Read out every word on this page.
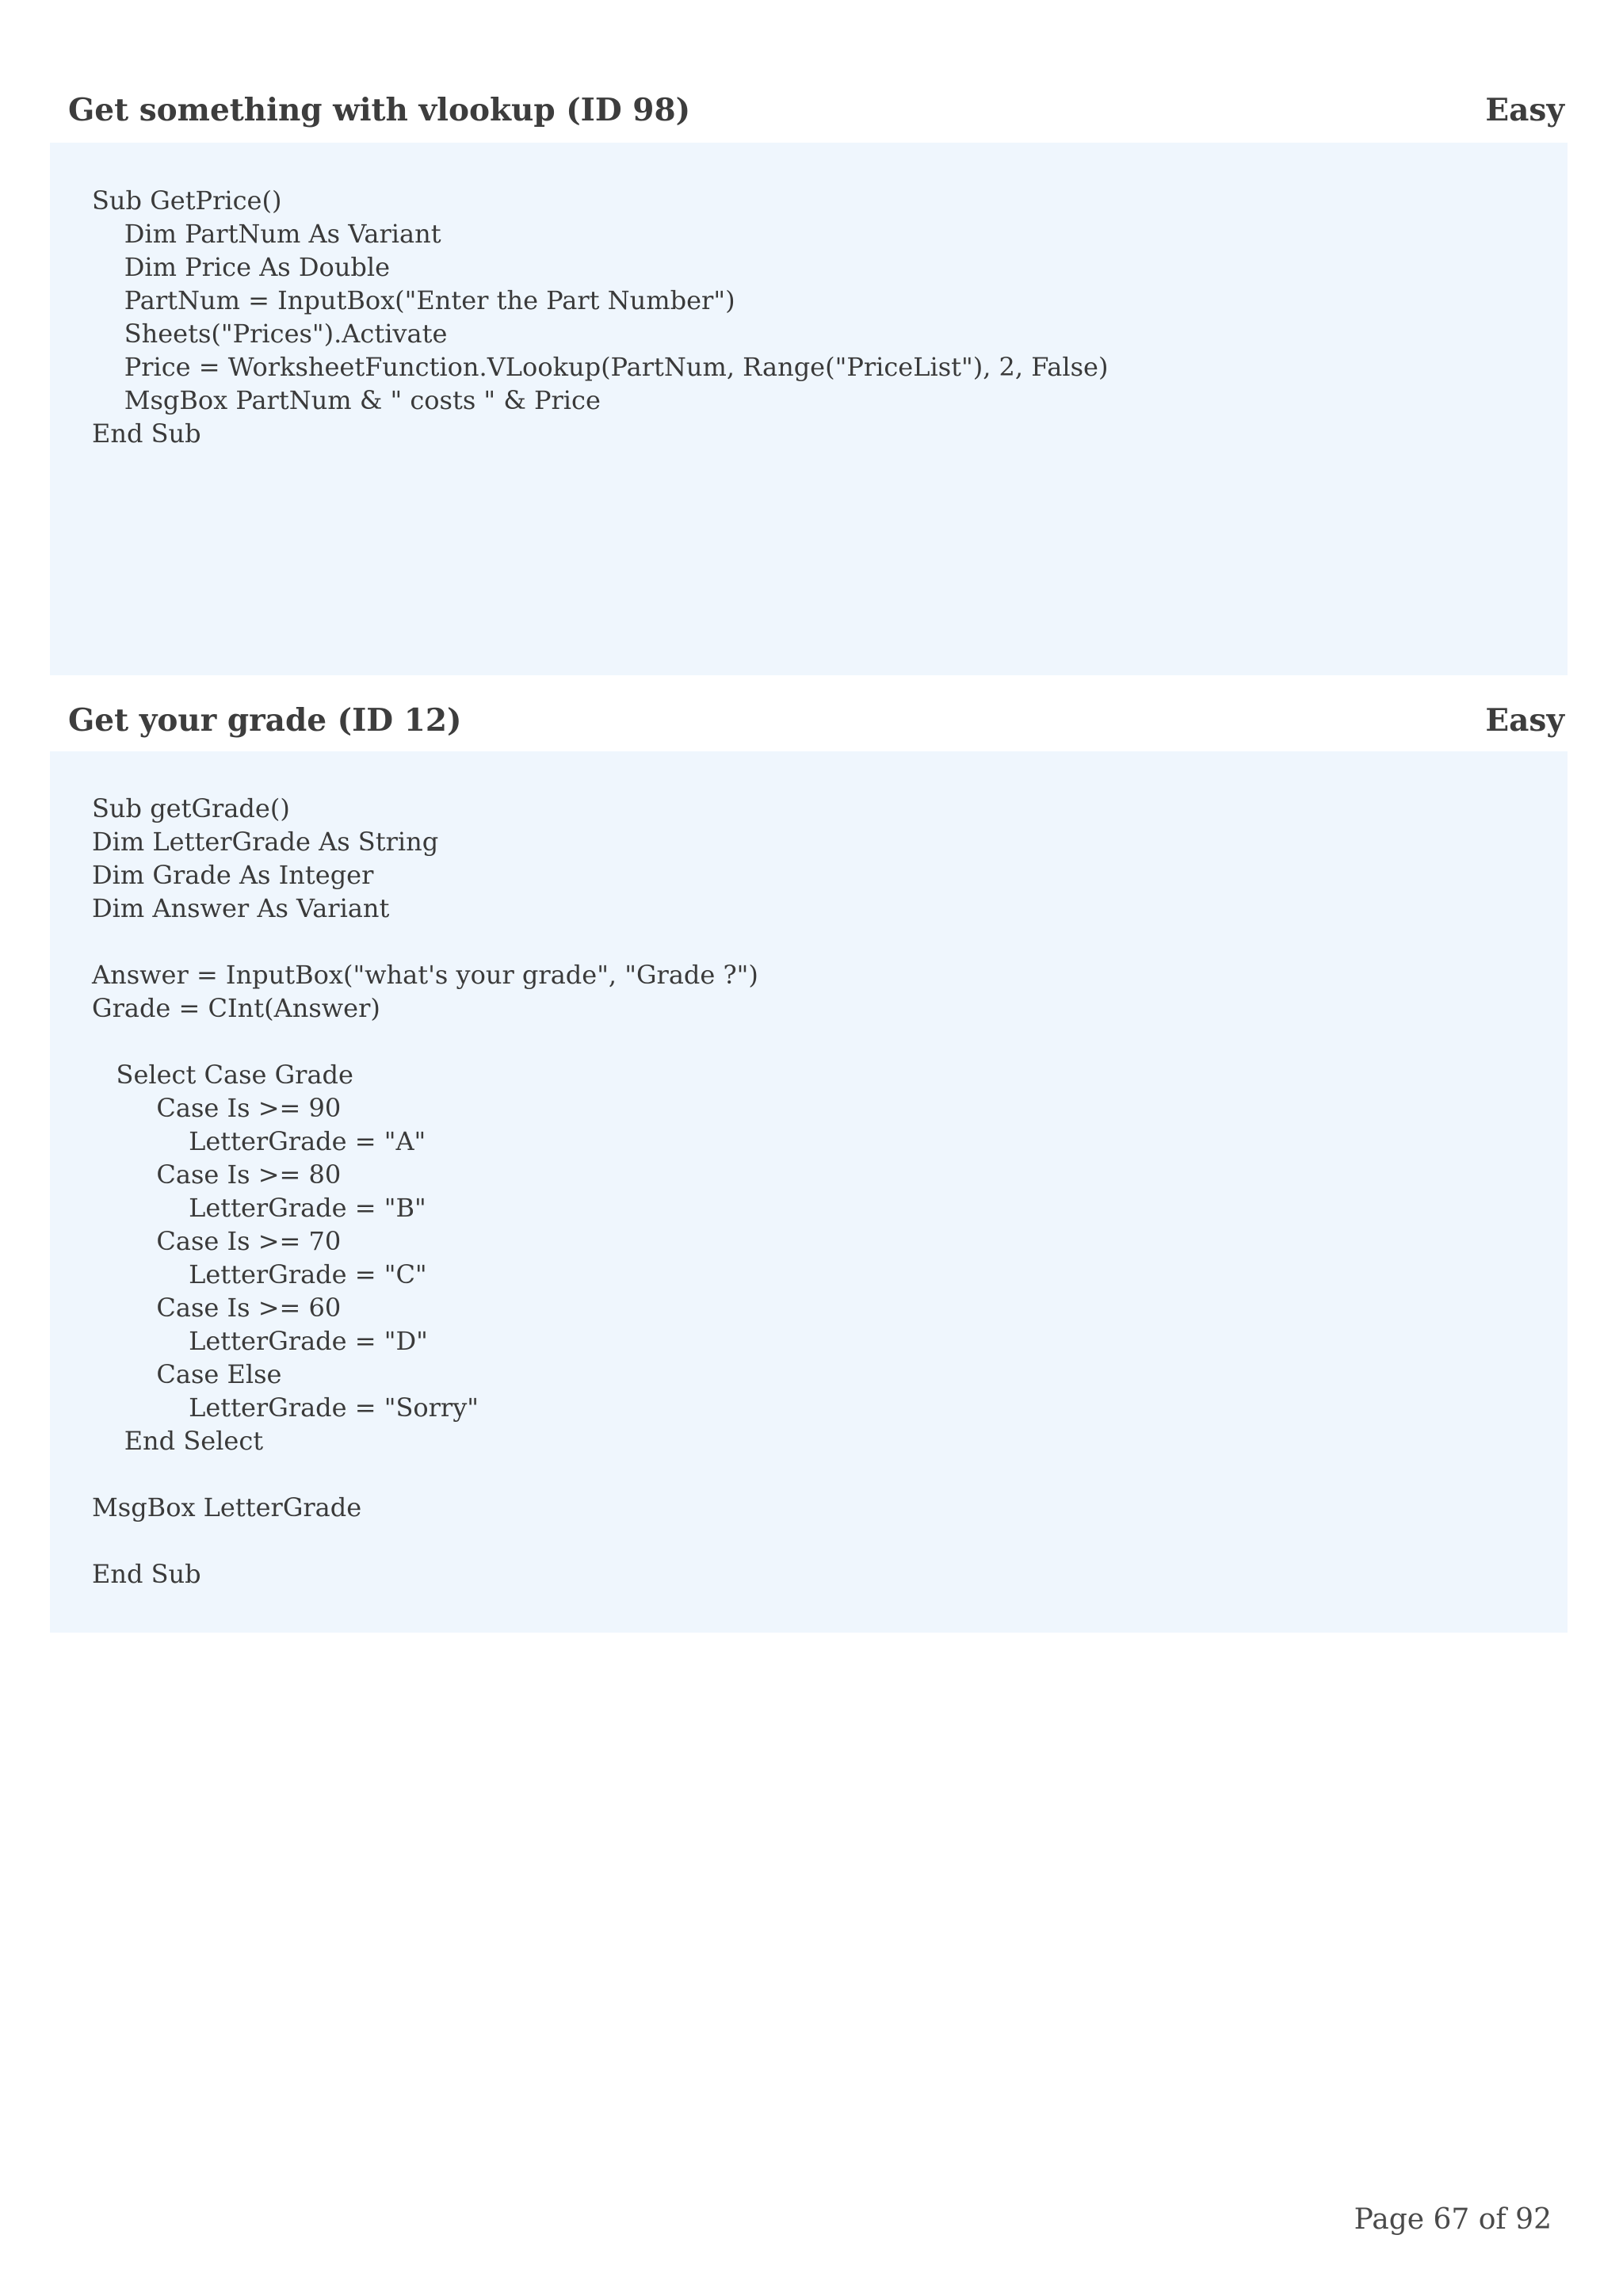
Get something with vlookup (ID 98)	Easy
Sub GetPrice()
Dim PartNum As Variant
Dim Price As Double
PartNum = InputBox("Enter the Part Number")
Sheets("Prices").Activate
Price = WorksheetFunction.VLookup(PartNum, Range("PriceList"), 2, False)
MsgBox PartNum & " costs " & Price
End Sub
Get your grade (ID 12)	Easy
Sub getGrade()
Dim LetterGrade As String
Dim Grade As Integer
Dim Answer As Variant

Answer = InputBox("what's your grade", "Grade ?")
Grade = CInt(Answer)

Select Case Grade
Case Is >= 90
LetterGrade = "A"
Case Is >= 80
LetterGrade = "B"
Case Is >= 70
LetterGrade = "C"
Case Is >= 60
LetterGrade = "D"
Case Else
LetterGrade = "Sorry"
End Select

MsgBox LetterGrade

End Sub
Page 67 of 92
